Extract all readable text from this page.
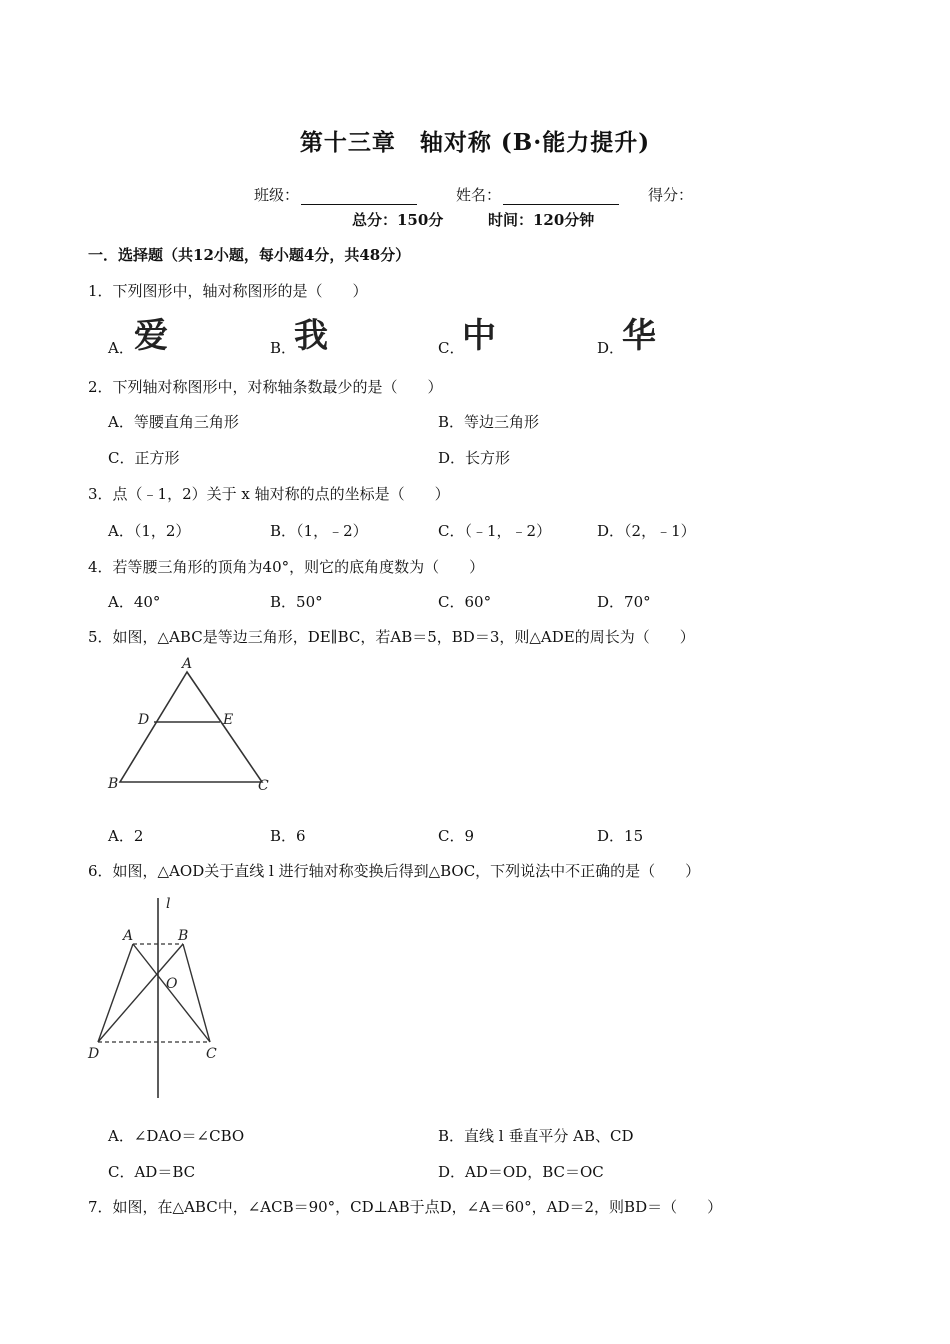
第十三章　轴对称 (B·能力提升)
班级：	姓名：	得分：
总分：150分	时间：120分钟
一．选择题（共12小题，每小题4分，共48分）
1．下列图形中，轴对称图形的是（　　）
A． 爱	B．
我	C．
中	D．
华
2．下列轴对称图形中，对称轴条数最少的是（　　）
A．等腰直角三角形	B．等边三角形
C．正方形	D．长方形
3．点（﹣1，2）关于 x 轴对称的点的坐标是（　　）
A．（1，2）	B．（1，﹣2）	C．（﹣1，﹣2）	D．（2，﹣1）
4．若等腰三角形的顶角为40°，则它的底角度数为（　　）
A．40°	B．50°	C．60°	D．70°
5．如图，△ABC是等边三角形，DE∥BC，若AB＝5，BD＝3，则△ADE的周长为（　　）
A
D	E
B	C
A．2	B．6	C．9	D．15
6．如图，△AOD关于直线 l 进行轴对称变换后得到△BOC，下列说法中不正确的是（　　）
l
A	B
O
D	C
A．∠DAO＝∠CBO	B．直线 l 垂直平分 AB、CD
C．AD＝BC	D．AD＝OD，BC＝OC
7．如图，在△ABC中，∠ACB＝90°，CD⊥AB于点D，∠A＝60°，AD＝2，则BD＝（　　）
